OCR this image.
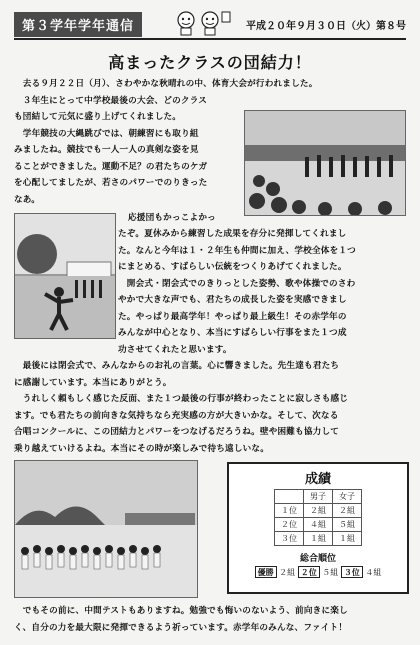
第３学年学年通信	平成２０年９月３０日（火）第８号
高まったクラスの団結力！
　去る９月２２日（月）、さわやかな秋晴れの中、体育大会が行われました。
　３年生にとって中学校最後の大会、どのクラス
も団結して元気に盛り上げてくれました。
　学年競技の大縄跳びでは、朝練習にも取り組
みましたね。競技でも一人一人の真剣な姿を見
ることができました。運動不足？の君たちのケガ
を心配してましたが、若さのパワーでのりきった
なあ。
応援団もかっこよかっ
たぞ。夏休みから練習した成果を存分に発揮してくれまし
た。なんと今年は１・２年生も仲間に加え、学校全体を１つ
にまとめる、すばらしい伝統をつくりあげてくれました。
　開会式・閉会式でのきりっとした姿勢、歌や体操でのさわ
やかで大きな声でも、君たちの成長した姿を実感できまし
た。やっぱり最高学年！やっぱり最上級生！その赤学年の
みんなが中心となり、本当にすばらしい行事をまた１つ成
功させてくれたと思います。
　最後には閉会式で、みんなからのお礼の言葉。心に響きました。先生達も君たち
に感謝しています。本当にありがとう。
　うれしく頼もしく感じた反面、また１つ最後の行事が終わったことに寂しさも感じ
ます。でも君たちの前向きな気持ちなら充実感の方が大きいかな。そして、次なる
合唱コンクールに、この団結力とパワーをつなげるだろうね。壁や困難も協力して
乗り越えていけるよね。本当にその時が楽しみで待ち遠しいな。
成績
	男子	女子
１位	２組	２組
２位	４組	５組
３位	１組	１組
総合順位
優勝 ２組 ２位 ５組 ３位 ４組
　でもその前に、中間テストもありますね。勉強でも悔いのないよう、前向きに楽し
く、自分の力を最大限に発揮できるよう祈っています。赤学年のみんな、ファイト！
